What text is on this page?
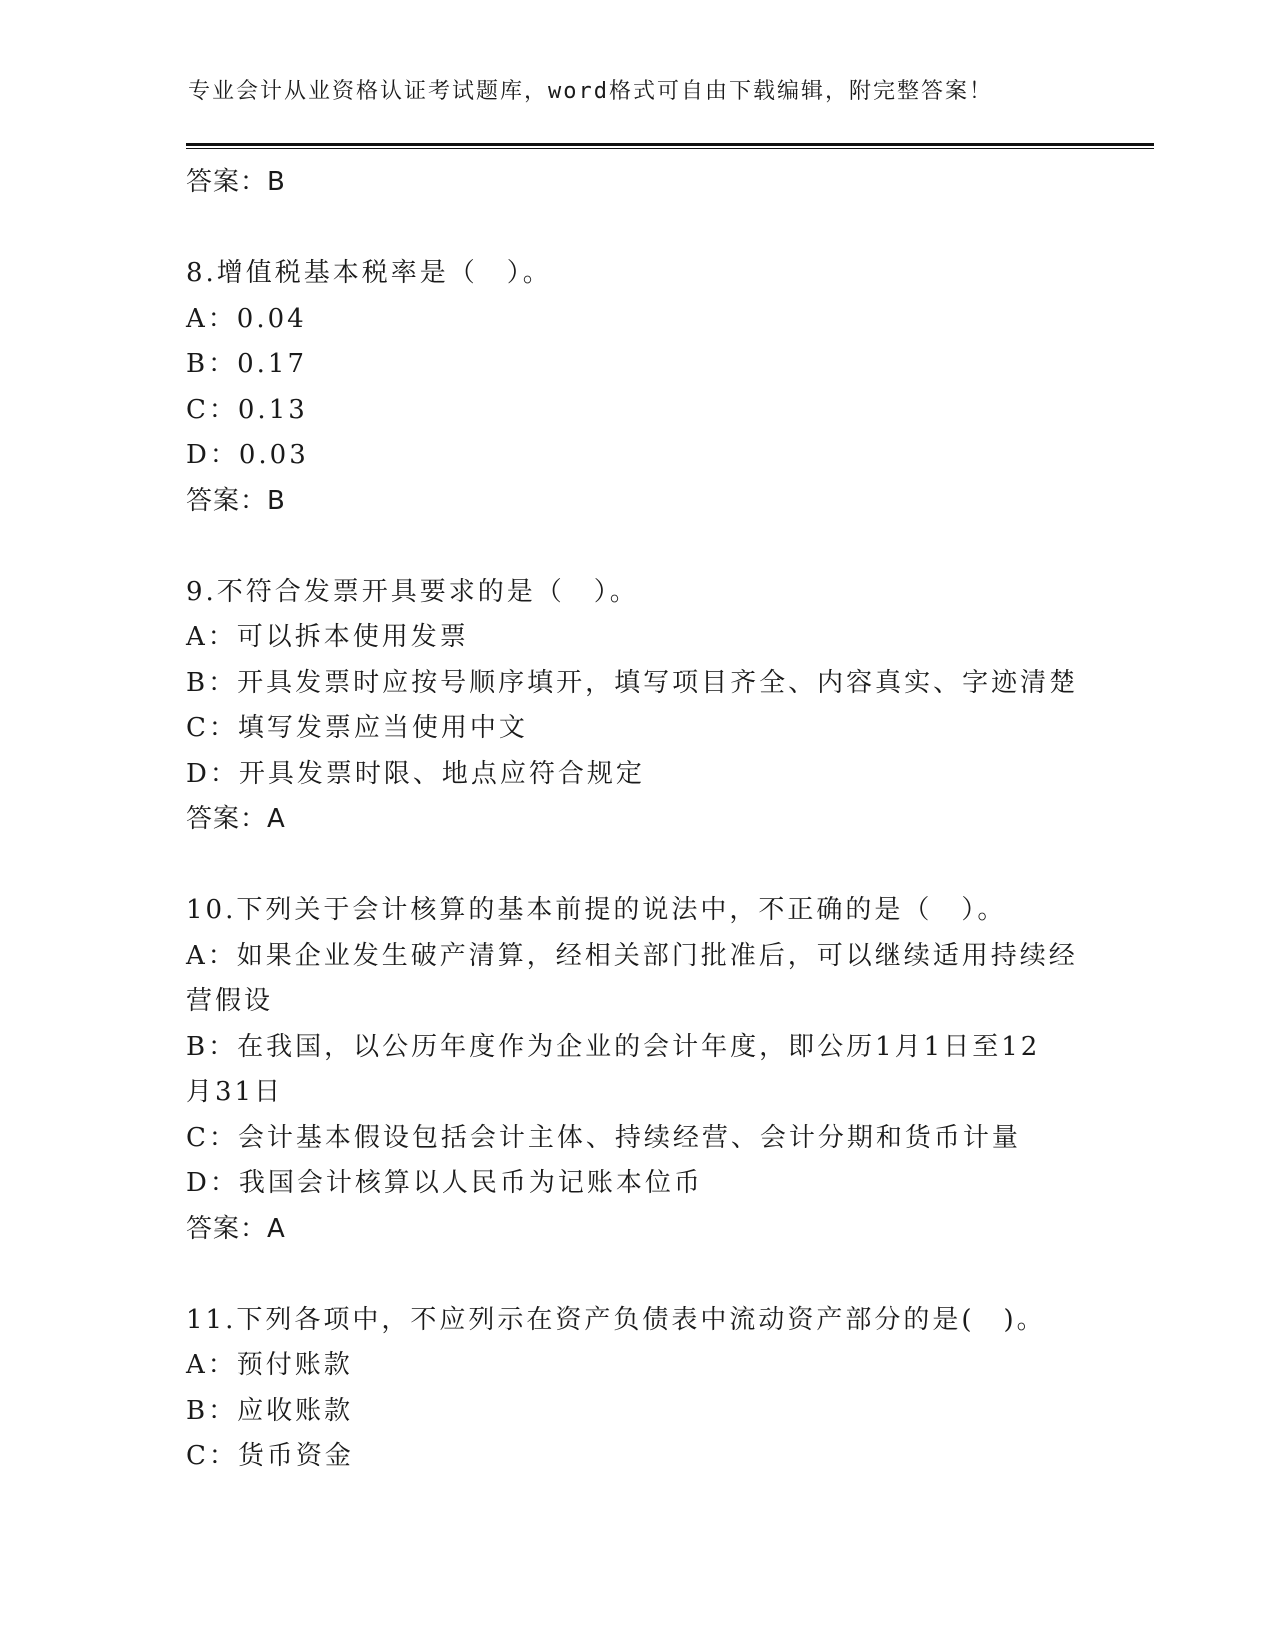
专业会计从业资格认证考试题库，word格式可自由下载编辑，附完整答案！
答案：B
8.增值税基本税率是（　）。
A：0.04
B：0.17
C：0.13
D：0.03
答案：B
9.不符合发票开具要求的是（　）。
A：可以拆本使用发票
B：开具发票时应按号顺序填开，填写项目齐全、内容真实、字迹清楚
C：填写发票应当使用中文
D：开具发票时限、地点应符合规定
答案：A
10.下列关于会计核算的基本前提的说法中，不正确的是（　）。
A：如果企业发生破产清算，经相关部门批准后，可以继续适用持续经
营假设
B：在我国，以公历年度作为企业的会计年度，即公历1月1日至12
月31日
C：会计基本假设包括会计主体、持续经营、会计分期和货币计量
D：我国会计核算以人民币为记账本位币
答案：A
11.下列各项中，不应列示在资产负债表中流动资产部分的是(　)。
A：预付账款
B：应收账款
C：货币资金
